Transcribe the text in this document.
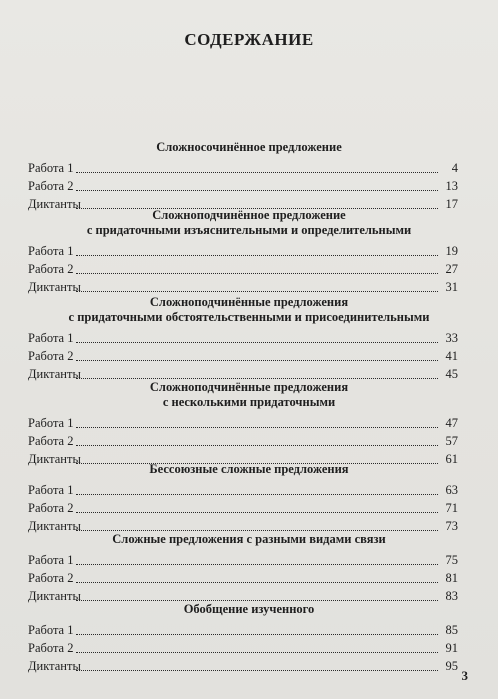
СОДЕРЖАНИЕ
Сложносочинённое предложение
Работа 1	4
Работа 2	13
Диктанты	17
Сложноподчинённое предложение
с придаточными изъяснительными и определительными
Работа 1	19
Работа 2	27
Диктанты	31
Сложноподчинённые предложения
с придаточными обстоятельственными и присоединительными
Работа 1	33
Работа 2	41
Диктанты	45
Сложноподчинённые предложения
с несколькими придаточными
Работа 1	47
Работа 2	57
Диктанты	61
Бессоюзные сложные предложения
Работа 1	63
Работа 2	71
Диктанты	73
Сложные предложения с разными видами связи
Работа 1	75
Работа 2	81
Диктанты	83
Обобщение изученного
Работа 1	85
Работа 2	91
Диктанты	95
3
